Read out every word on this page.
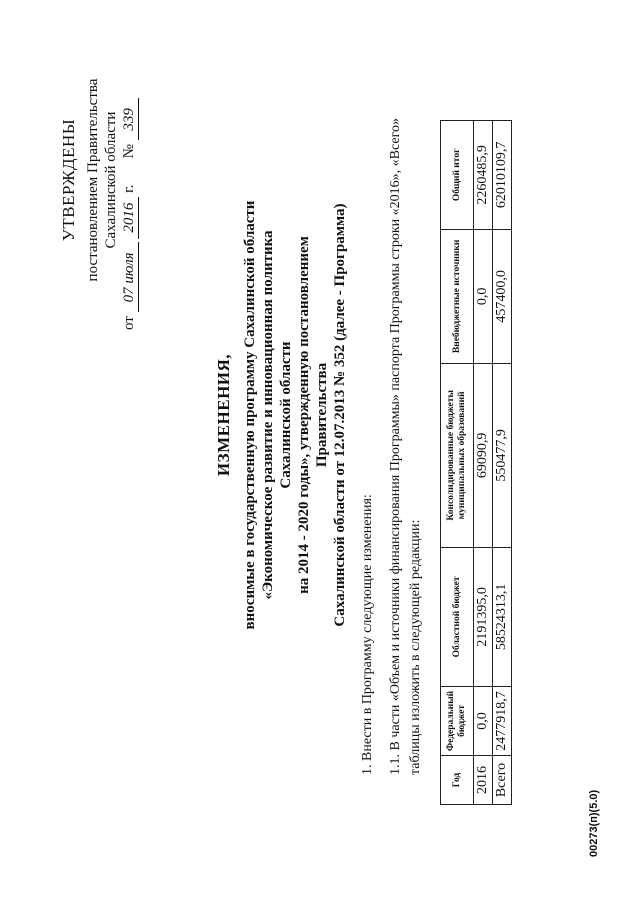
УТВЕРЖДЕНЫ постановлением Правительства Сахалинской области
от 07 июля 2016 г.       № 339
ИЗМЕНЕНИЯ, вносимые в государственную программу Сахалинской области «Экономическое развитие и инновационная политика Сахалинской области на 2014 - 2020 годы», утвержденную постановлением Правительства Сахалинской области от 12.07.2013 № 352 (далее - Программа)
1. Внести в Программу следующие изменения: 1.1. В части «Объем и источники финансирования Программы» паспорта Программы строки «2016», «Всего» таблицы изложить в следующей редакции:
Год	Федеральный бюджет	Областной бюджет	Консолидированные бюджеты муниципальных образований	Внебюджетные источники	Общий итог
2016	0,0	2191395,0	69090,9	0,0	2260485,9
Всего	2477918,7	58524313,1	550477,9	457400,0	62010109,7
00273(п)(5.0)
